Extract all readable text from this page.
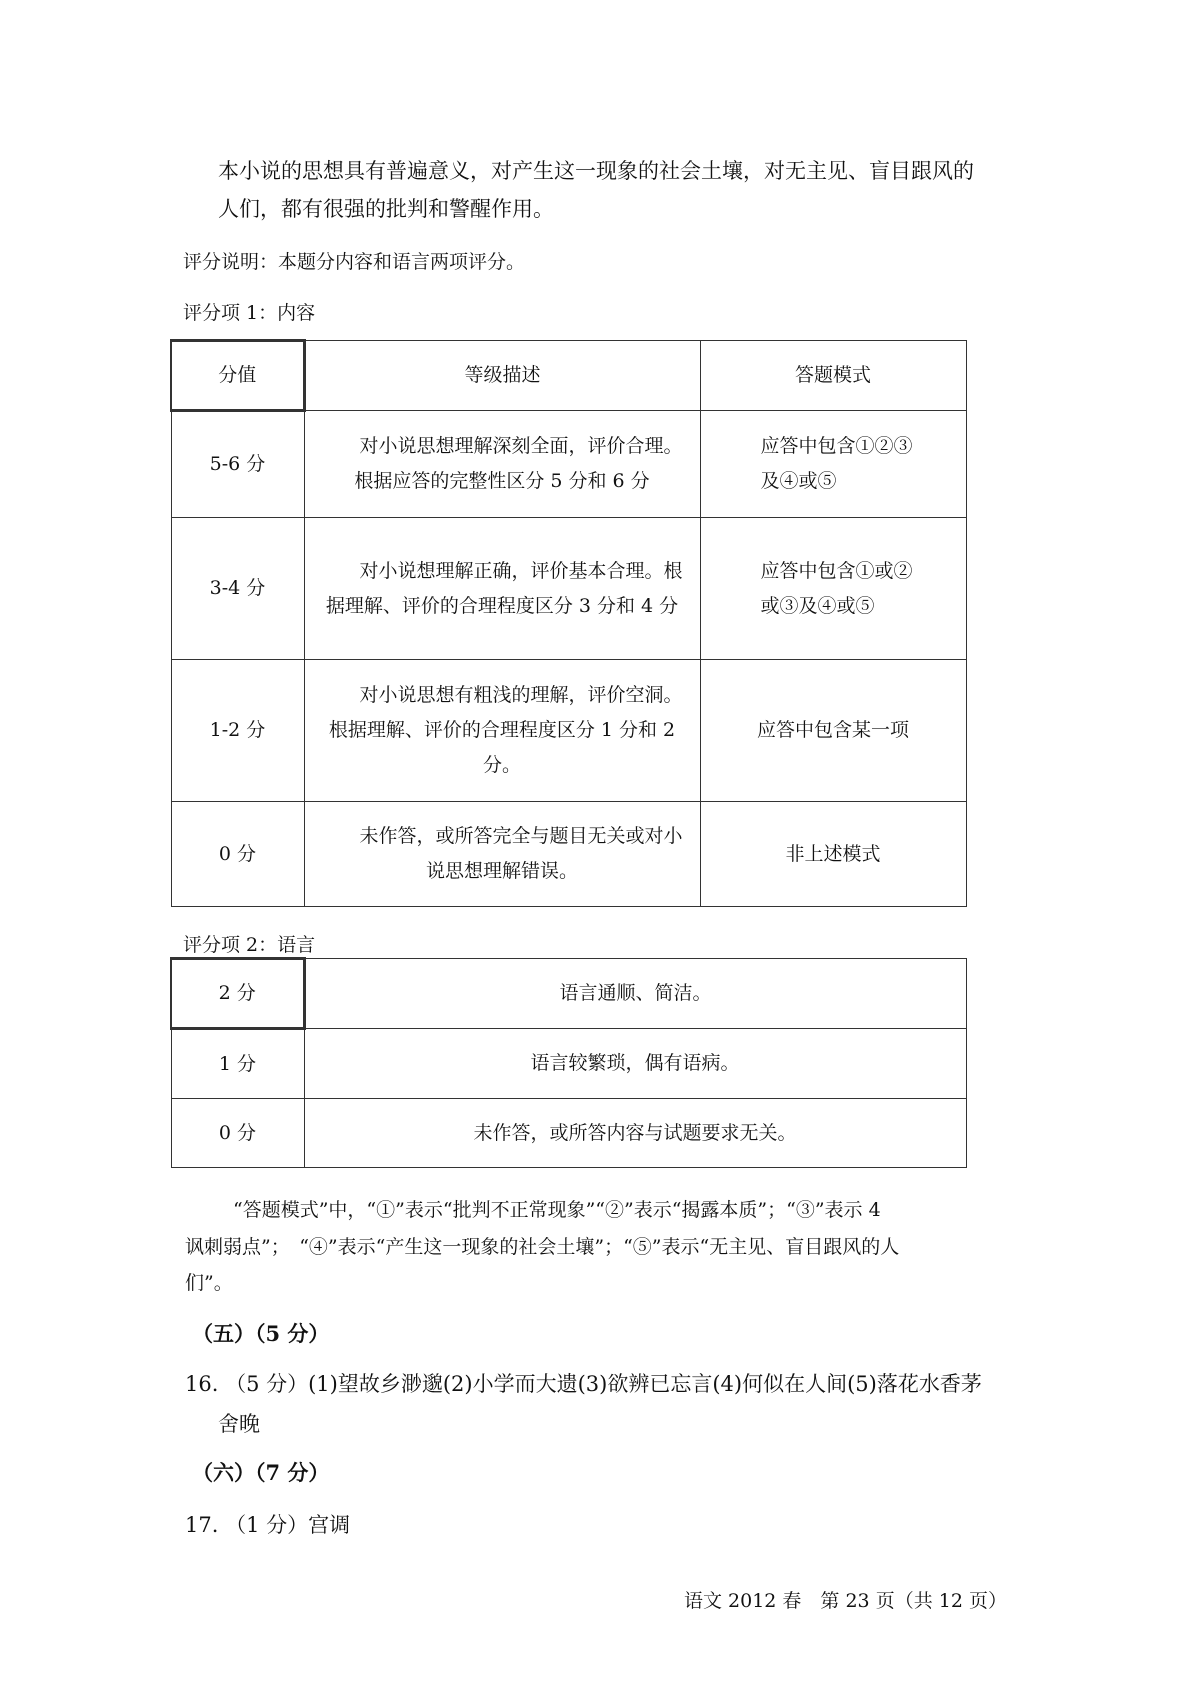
本小说的思想具有普遍意义，对产生这一现象的社会土壤，对无主见、盲目跟风的

人们，都有很强的批判和警醒作用。

评分说明：本题分内容和语言两项评分。

评分项 1：内容

分值	等级描述	答题模式
5-6 分	对小说思想理解深刻全面，评价合理。根据应答的完整性区分 5 分和 6 分	应答中包含①②③及④或⑤
3-4 分	对小说想理解正确，评价基本合理。根据理解、评价的合理程度区分 3 分和 4 分	应答中包含①或②或③及④或⑤
1-2 分	对小说思想有粗浅的理解，评价空洞。根据理解、评价的合理程度区分 1 分和 2 分。	应答中包含某一项
0 分	未作答，或所答完全与题目无关或对小说思想理解错误。	非上述模式

评分项 2：语言

2 分	语言通顺、简洁。
1 分	语言较繁琐，偶有语病。
0 分	未作答，或所答内容与试题要求无关。

“答题模式”中，“①”表示“批判不正常现象”“②”表示“揭露本质”；“③”表示 4

讽刺弱点”；　“④”表示“产生这一现象的社会土壤”；“⑤”表示“无主见、盲目跟风的人

们”。

（五）（5 分）

16. （5 分）(1)望故乡渺邈(2)小学而大遗(3)欲辨已忘言(4)何似在人间(5)落花水香茅

舍晚

（六）（7 分）

17. （1 分）宫调

语文 2012 春　第 23 页（共 12 页）
